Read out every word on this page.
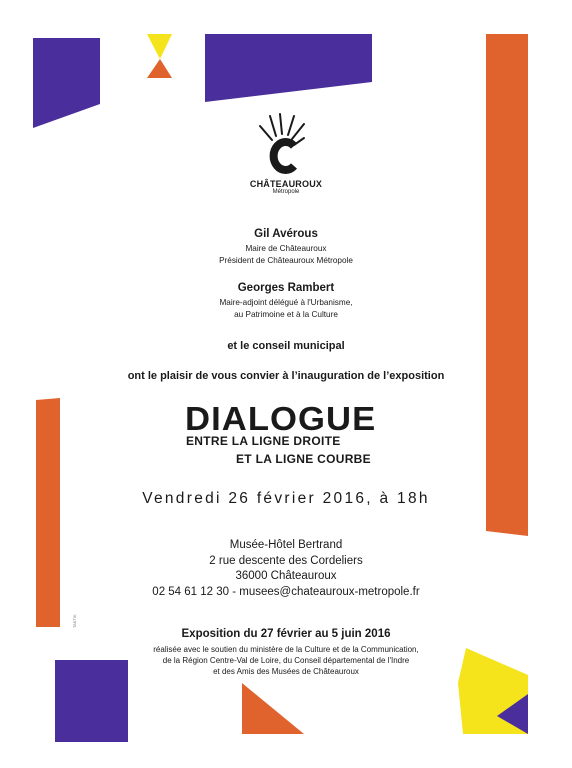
CHÂTEAUROUX
Métropole
Gil Avérous
Maire de Châteauroux
Président de Châteauroux Métropole
Georges Rambert
Maire-adjoint délégué à l'Urbanisme,
au Patrimoine et à la Culture
et le conseil municipal
ont le plaisir de vous convier à l’inauguration de l’exposition
DIALOGUE
ENTRE LA LIGNE DROITE
ET LA LIGNE COURBE
Vendredi 26 février 2016, à 18h
Musée-Hôtel Bertrand
2 rue descente des Cordeliers
36000 Châteauroux
02 54 61 12 30 - musees@chateauroux-metropole.fr
Exposition du 27 février au 5 juin 2016
réalisée avec le soutien du ministère de la Culture et de la Communication,
de la Région Centre-Val de Loire, du Conseil départemental de l'Indre
et des Amis des Musées de Châteauroux
TAKTIK
